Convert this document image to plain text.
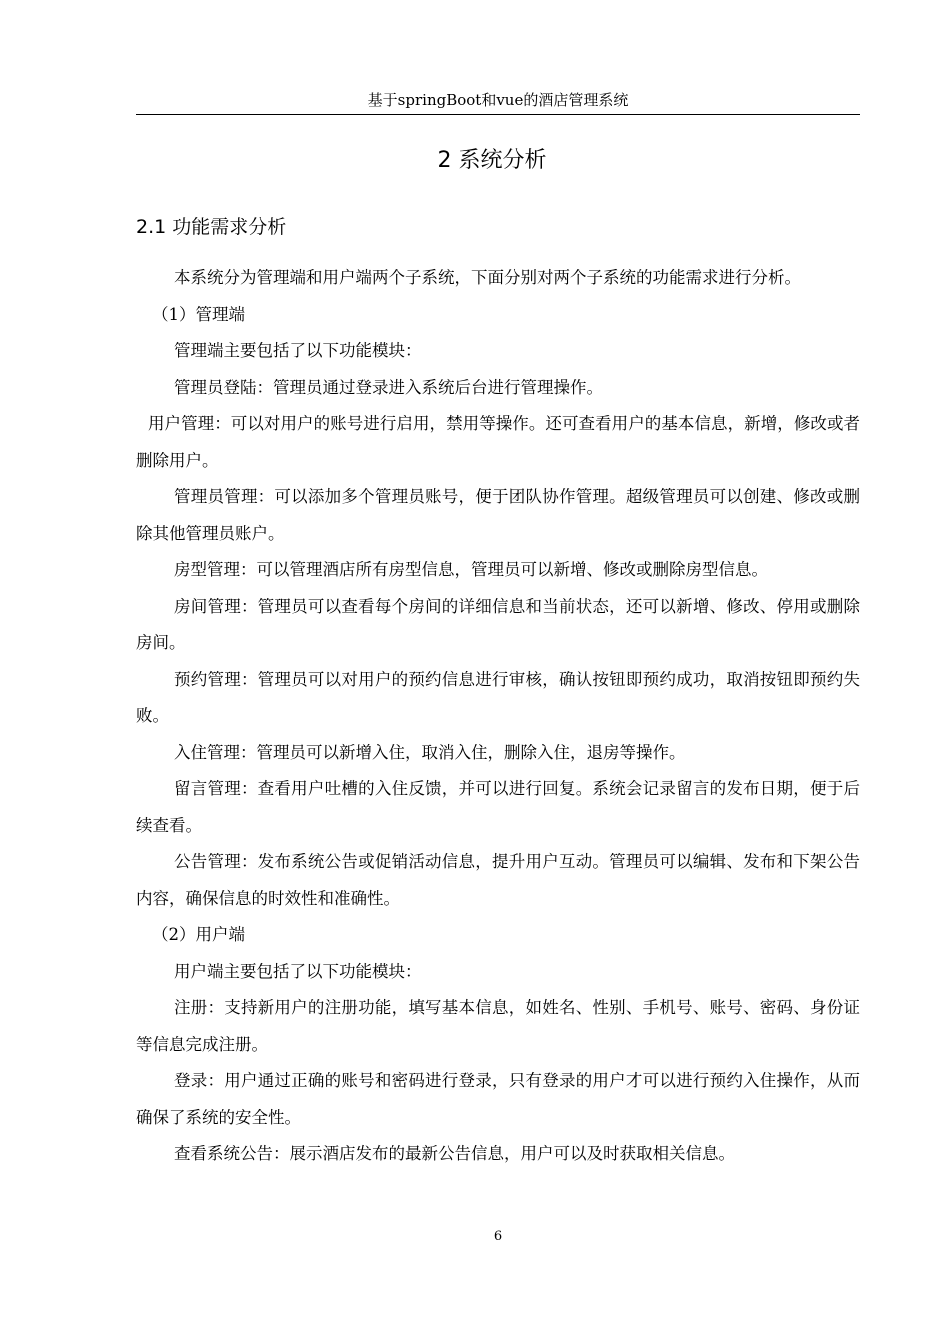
基于springBoot和vue的酒店管理系统
2 系统分析
2.1 功能需求分析

本系统分为管理端和用户端两个子系统，下面分别对两个子系统的功能需求进行分析。

（1）管理端

管理端主要包括了以下功能模块：

管理员登陆：管理员通过登录进入系统后台进行管理操作。

用户管理：可以对用户的账号进行启用，禁用等操作。还可查看用户的基本信息，新增，修改或者删除用户。

管理员管理：可以添加多个管理员账号，便于团队协作管理。超级管理员可以创建、修改或删除其他管理员账户。

房型管理：可以管理酒店所有房型信息，管理员可以新增、修改或删除房型信息。

房间管理：管理员可以查看每个房间的详细信息和当前状态，还可以新增、修改、停用或删除房间。

预约管理：管理员可以对用户的预约信息进行审核，确认按钮即预约成功，取消按钮即预约失败。

入住管理：管理员可以新增入住，取消入住，删除入住，退房等操作。

留言管理：查看用户吐槽的入住反馈，并可以进行回复。系统会记录留言的发布日期，便于后续查看。

公告管理：发布系统公告或促销活动信息，提升用户互动。管理员可以编辑、发布和下架公告内容，确保信息的时效性和准确性。

（2）用户端

用户端主要包括了以下功能模块：

注册：支持新用户的注册功能，填写基本信息，如姓名、性别、手机号、账号、密码、身份证等信息完成注册。

登录：用户通过正确的账号和密码进行登录，只有登录的用户才可以进行预约入住操作，从而确保了系统的安全性。

查看系统公告：展示酒店发布的最新公告信息，用户可以及时获取相关信息。

6
